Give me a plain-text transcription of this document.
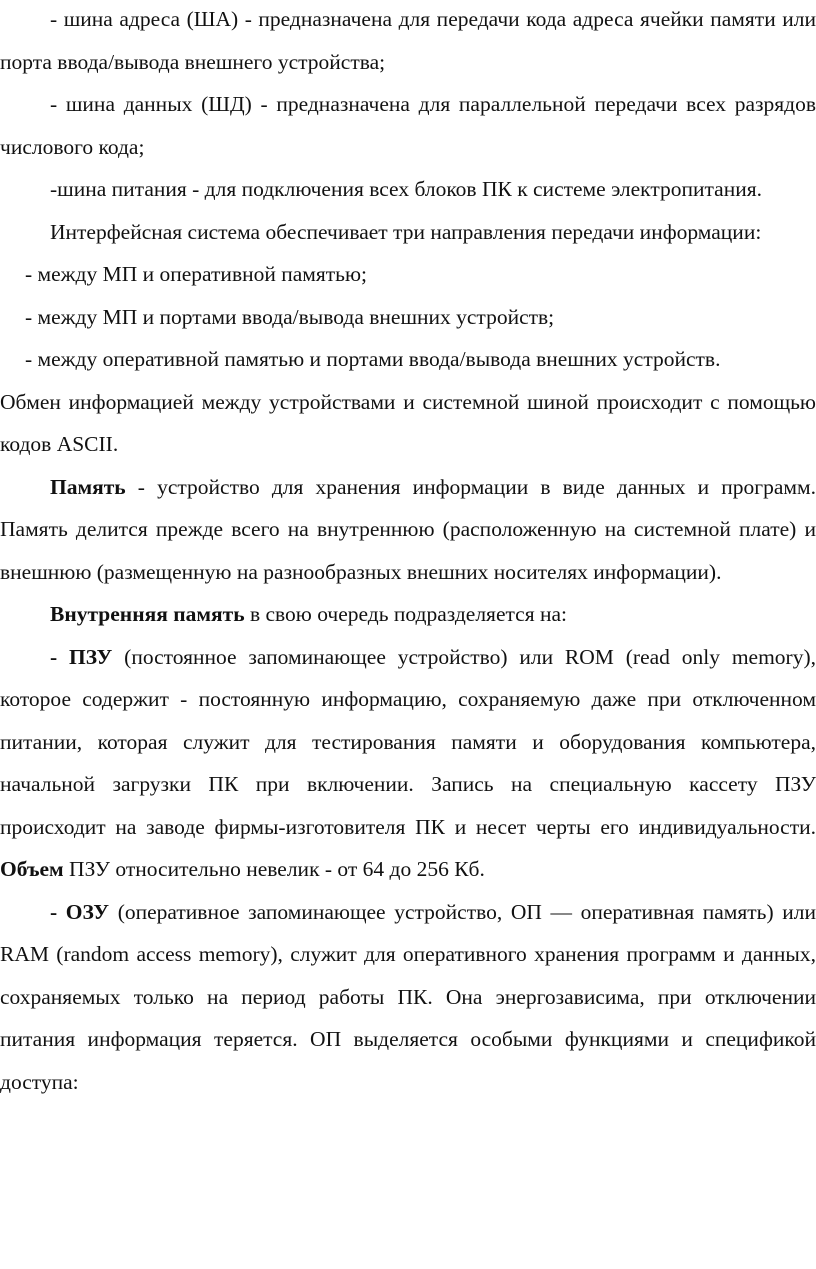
- шина адреса (ША) - предназначена для передачи кода адреса ячейки памяти или порта ввода/вывода внешнего устройства;

- шина данных (ШД) - предназначена для параллельной передачи всех разрядов числового кода;

-шина питания - для подключения всех блоков ПК к системе электропитания.

Интерфейсная система обеспечивает три направления передачи информации:

- между МП и оперативной памятью;

- между МП и портами ввода/вывода внешних устройств;

- между оперативной памятью и портами ввода/вывода внешних устройств.

Обмен информацией между устройствами и системной шиной происходит с помощью кодов ASCII.

Память - устройство для хранения информации в виде данных и программ. Память делится прежде всего на внутреннюю (расположенную на системной плате) и внешнюю (размещенную на разнообразных внешних носителях информации).

Внутренняя память в свою очередь подразделяется на:

- ПЗУ (постоянное запоминающее устройство) или ROM (read only memory), которое содержит - постоянную информацию, сохраняемую даже при отключенном питании, которая служит для тестирования памяти и оборудования компьютера, начальной загрузки ПК при включении. Запись на специальную кассету ПЗУ происходит на заводе фирмы-изготовителя ПК и несет черты его индивидуальности. Объем ПЗУ относительно невелик - от 64 до 256 Кб.

- ОЗУ (оперативное запоминающее устройство, ОП — оперативная память) или RAM (random access memory), служит для оперативного хранения программ и данных, сохраняемых только на период работы ПК. Она энергозависима, при отключении питания информация теряется. ОП выделяется особыми функциями и спецификой доступа:
